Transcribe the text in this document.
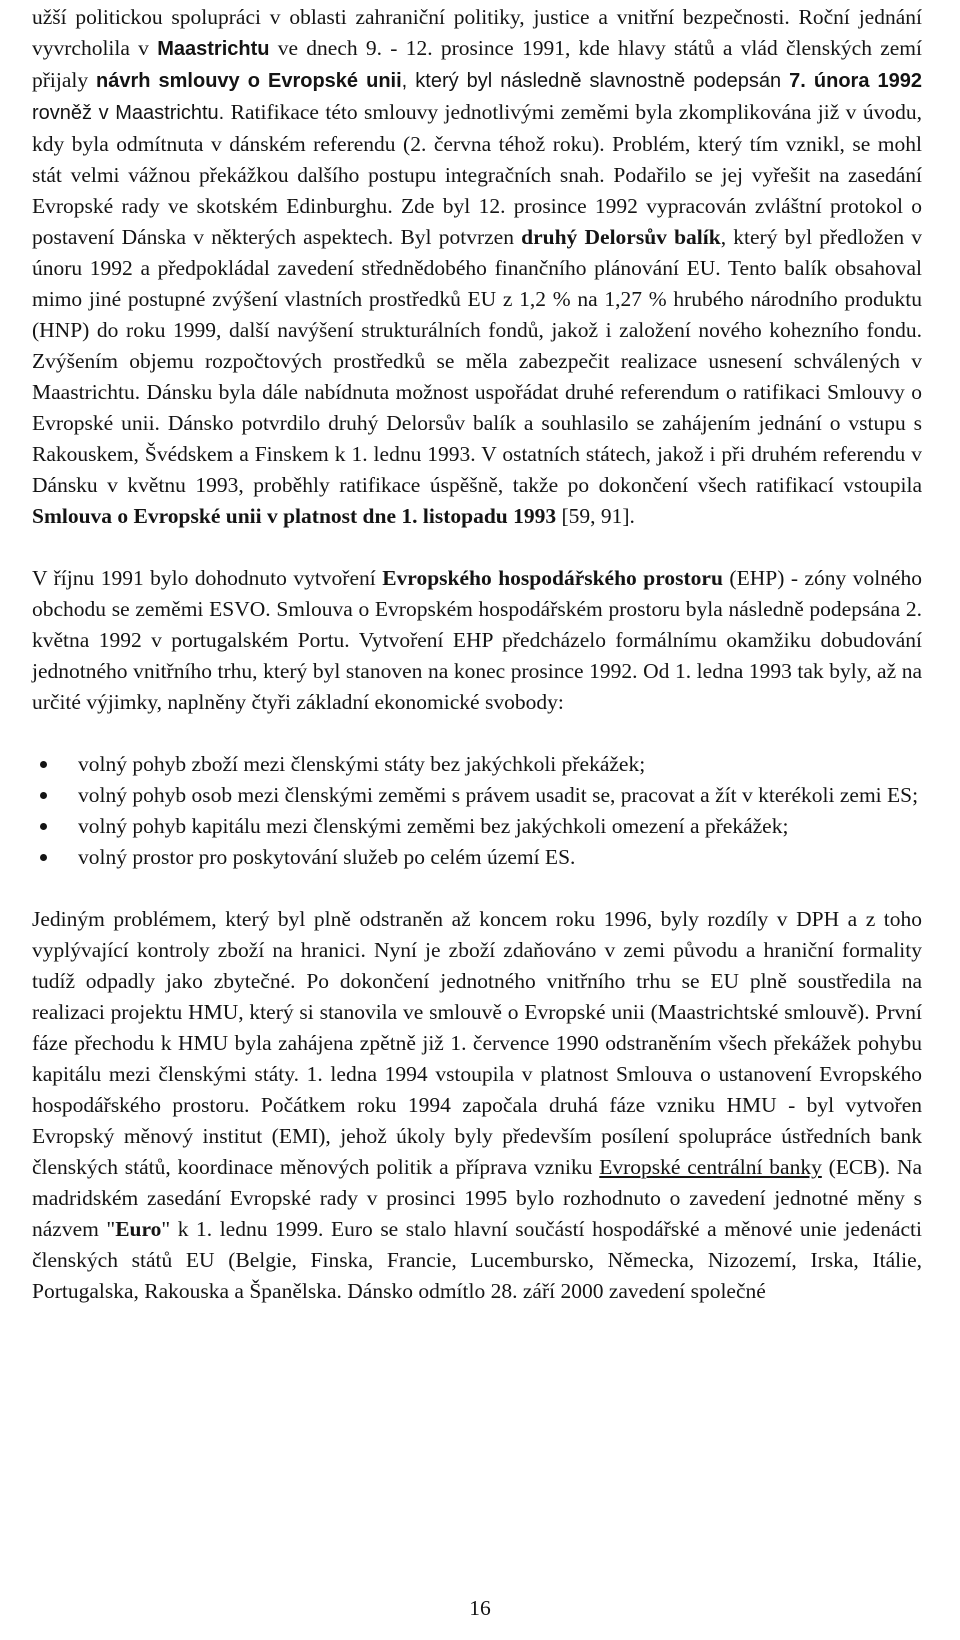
užší politickou spolupráci v oblasti zahraniční politiky, justice a vnitřní bezpečnosti. Roční jednání vyvrcholila v Maastrichtu ve dnech 9. - 12. prosince 1991, kde hlavy států a vlád členských zemí přijaly návrh smlouvy o Evropské unii, který byl následně slavnostně podepsán 7. února 1992 rovněž v Maastrichtu. Ratifikace této smlouvy jednotlivými zeměmi byla zkomplikována již v úvodu, kdy byla odmítnuta v dánském referendu (2. června téhož roku). Problém, který tím vznikl, se mohl stát velmi vážnou překážkou dalšího postupu integračních snah. Podařilo se jej vyřešit na zasedání Evropské rady ve skotském Edinburghu. Zde byl 12. prosince 1992 vypracován zvláštní protokol o postavení Dánska v některých aspektech. Byl potvrzen druhý Delorsův balík, který byl předložen v únoru 1992 a předpokládal zavedení střednědobého finančního plánování EU. Tento balík obsahoval mimo jiné postupné zvýšení vlastních prostředků EU z 1,2 % na 1,27 % hrubého národního produktu (HNP) do roku 1999, další navýšení strukturálních fondů, jakož i založení nového kohezního fondu. Zvýšením objemu rozpočtových prostředků se měla zabezpečit realizace usnesení schválených v Maastrichtu. Dánsku byla dále nabídnuta možnost uspořádat druhé referendum o ratifikaci Smlouvy o Evropské unii. Dánsko potvrdilo druhý Delorsův balík a souhlasilo se zahájením jednání o vstupu s Rakouskem, Švédskem a Finskem k 1. lednu 1993. V ostatních státech, jakož i při druhém referendu v Dánsku v květnu 1993, proběhly ratifikace úspěšně, takže po dokončení všech ratifikací vstoupila Smlouva o Evropské unii v platnost dne 1. listopadu 1993 [59, 91].

V říjnu 1991 bylo dohodnuto vytvoření Evropského hospodářského prostoru (EHP) - zóny volného obchodu se zeměmi ESVO. Smlouva o Evropském hospodářském prostoru byla následně podepsána 2. května 1992 v portugalském Portu. Vytvoření EHP předcházelo formálnímu okamžiku dobudování jednotného vnitřního trhu, který byl stanoven na konec prosince 1992. Od 1. ledna 1993 tak byly, až na určité výjimky, naplněny čtyři základní ekonomické svobody:

volný pohyb zboží mezi členskými státy bez jakýchkoli překážek;
volný pohyb osob mezi členskými zeměmi s právem usadit se, pracovat a žít v kterékoli zemi ES;
volný pohyb kapitálu mezi členskými zeměmi bez jakýchkoli omezení a překážek;
volný prostor pro poskytování služeb po celém území ES.

Jediným problémem, který byl plně odstraněn až koncem roku 1996, byly rozdíly v DPH a z toho vyplývající kontroly zboží na hranici. Nyní je zboží zdaňováno v zemi původu a hraniční formality tudíž odpadly jako zbytečné. Po dokončení jednotného vnitřního trhu se EU plně soustředila na realizaci projektu HMU, který si stanovila ve smlouvě o Evropské unii (Maastrichtské smlouvě). První fáze přechodu k HMU byla zahájena zpětně již 1. července 1990 odstraněním všech překážek pohybu kapitálu mezi členskými státy. 1. ledna 1994 vstoupila v platnost Smlouva o ustanovení Evropského hospodářského prostoru. Počátkem roku 1994 započala druhá fáze vzniku HMU - byl vytvořen Evropský měnový institut (EMI), jehož úkoly byly především posílení spolupráce ústředních bank členských států, koordinace měnových politik a příprava vzniku Evropské centrální banky (ECB). Na madridském zasedání Evropské rady v prosinci 1995 bylo rozhodnuto o zavedení jednotné měny s názvem "Euro" k 1. lednu 1999. Euro se stalo hlavní součástí hospodářské a měnové unie jedenácti členských států EU (Belgie, Finska, Francie, Lucembursko, Německa, Nizozemí, Irska, Itálie, Portugalska, Rakouska a Španělska. Dánsko odmítlo 28. září 2000 zavedení společné

16
